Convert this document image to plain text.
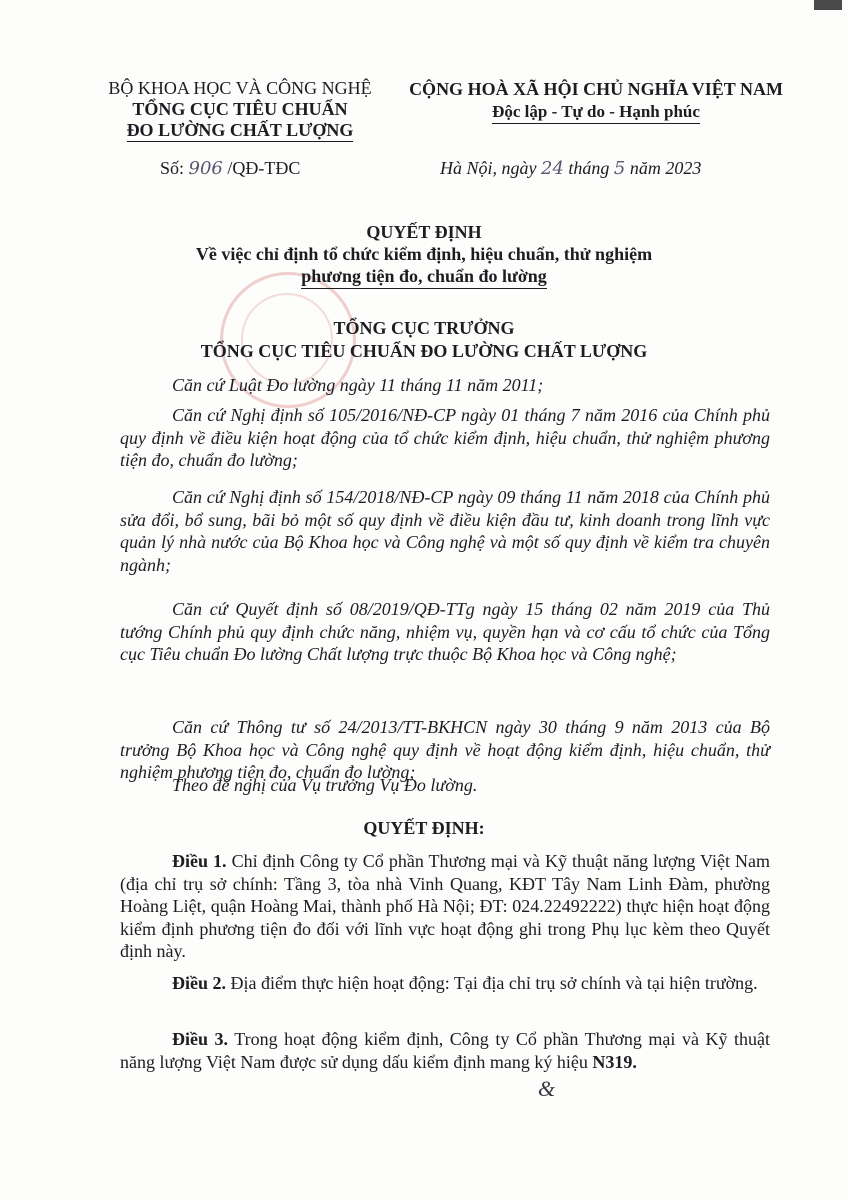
BỘ KHOA HỌC VÀ CÔNG NGHỆ
TỔNG CỤC TIÊU CHUẨN
ĐO LƯỜNG CHẤT LƯỢNG
CỘNG HOÀ XÃ HỘI CHỦ NGHĨA VIỆT NAM
Độc lập - Tự do - Hạnh phúc
Số: 906 /QĐ-TĐC	Hà Nội, ngày 24 tháng 5 năm 2023
QUYẾT ĐỊNH
Về việc chỉ định tổ chức kiểm định, hiệu chuẩn, thử nghiệm
phương tiện đo, chuẩn đo lường
TỔNG CỤC TRƯỞNG
TỔNG CỤC TIÊU CHUẨN ĐO LƯỜNG CHẤT LƯỢNG

Căn cứ Luật Đo lường ngày 11 tháng 11 năm 2011;

Căn cứ Nghị định số 105/2016/NĐ-CP ngày 01 tháng 7 năm 2016 của Chính phủ quy định về điều kiện hoạt động của tổ chức kiểm định, hiệu chuẩn, thử nghiệm phương tiện đo, chuẩn đo lường;

Căn cứ Nghị định số 154/2018/NĐ-CP ngày 09 tháng 11 năm 2018 của Chính phủ sửa đổi, bổ sung, bãi bỏ một số quy định về điều kiện đầu tư, kinh doanh trong lĩnh vực quản lý nhà nước của Bộ Khoa học và Công nghệ và một số quy định về kiểm tra chuyên ngành;

Căn cứ Quyết định số 08/2019/QĐ-TTg ngày 15 tháng 02 năm 2019 của Thủ tướng Chính phủ quy định chức năng, nhiệm vụ, quyền hạn và cơ cấu tổ chức của Tổng cục Tiêu chuẩn Đo lường Chất lượng trực thuộc Bộ Khoa học và Công nghệ;

Căn cứ Thông tư số 24/2013/TT-BKHCN ngày 30 tháng 9 năm 2013 của Bộ trưởng Bộ Khoa học và Công nghệ quy định về hoạt động kiểm định, hiệu chuẩn, thử nghiệm phương tiện đo, chuẩn đo lường;

Theo đề nghị của Vụ trưởng Vụ Đo lường.

QUYẾT ĐỊNH:

Điều 1. Chỉ định Công ty Cổ phần Thương mại và Kỹ thuật năng lượng Việt Nam (địa chỉ trụ sở chính: Tầng 3, tòa nhà Vinh Quang, KĐT Tây Nam Linh Đàm, phường Hoàng Liệt, quận Hoàng Mai, thành phố Hà Nội; ĐT: 024.22492222) thực hiện hoạt động kiểm định phương tiện đo đối với lĩnh vực hoạt động ghi trong Phụ lục kèm theo Quyết định này.

Điều 2. Địa điểm thực hiện hoạt động: Tại địa chỉ trụ sở chính và tại hiện trường.

Điều 3. Trong hoạt động kiểm định, Công ty Cổ phần Thương mại và Kỹ thuật năng lượng Việt Nam được sử dụng dấu kiểm định mang ký hiệu N319.

&
